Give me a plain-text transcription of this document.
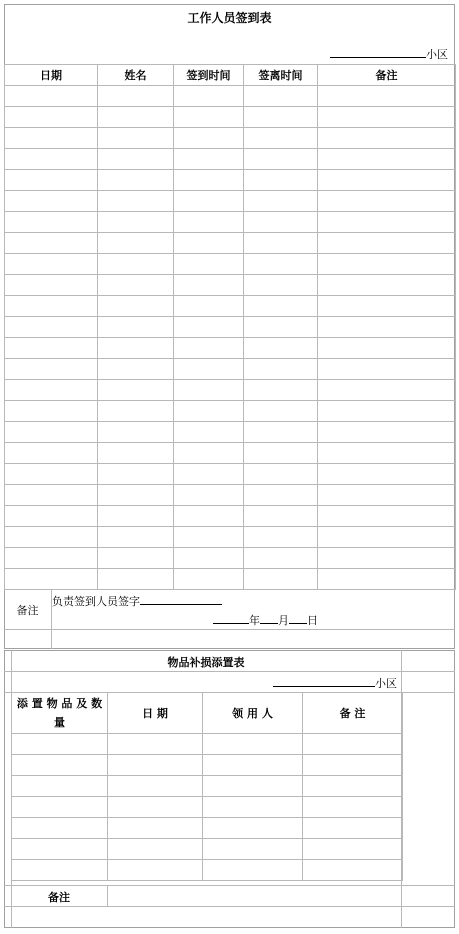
工作人员签到表
小区
日期	姓名	签到时间	签离时间	备注

备注
负责签到人员签字
年 月 日
物品补损添置表
小区
添 置 物 品 及 数 量	日 期	领 用 人	备 注

备注
